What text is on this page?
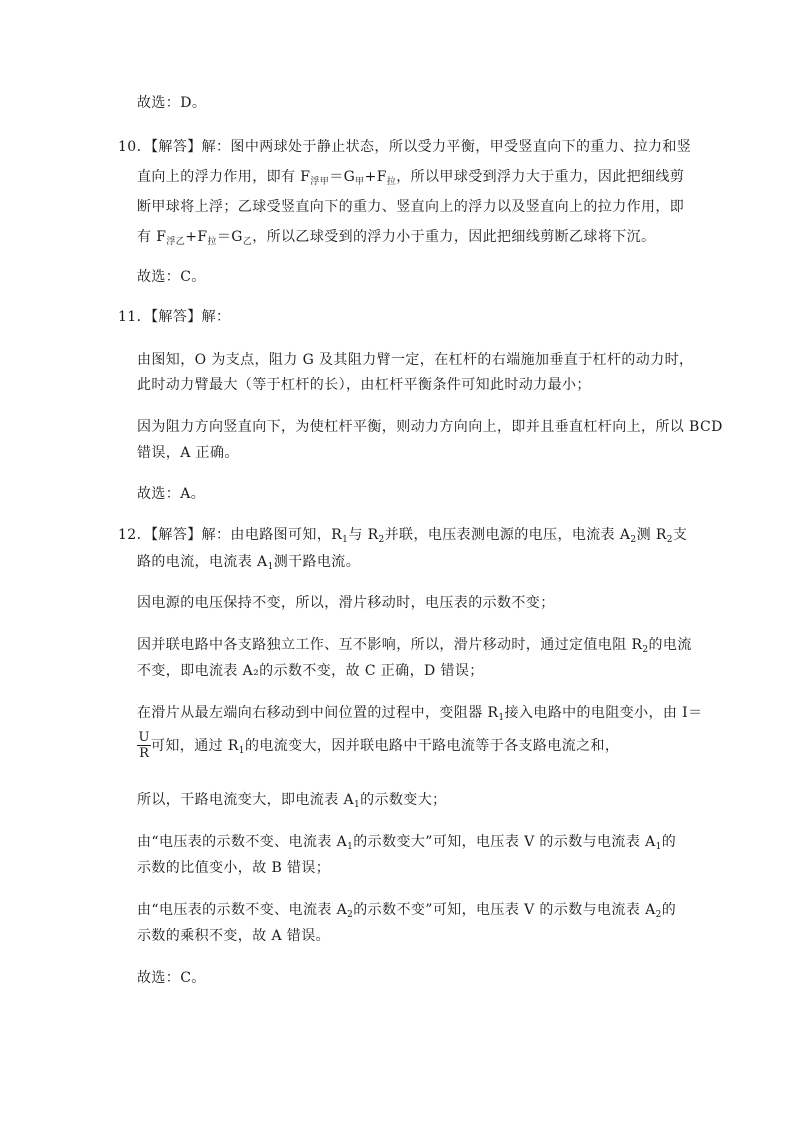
故选：D。
10．【解答】解：图中两球处于静止状态，所以受力平衡，甲受竖直向下的重力、拉力和竖
直向上的浮力作用，即有 $F_{浮甲}=G_甲+F_拉$，所以甲球受到浮力大于重力，因此把细线剪
断甲球将上浮；乙球受竖直向下的重力、竖直向上的浮力以及竖直向上的拉力作用，即
有 $F_{浮乙}+F_拉=G_乙$，所以乙球受到的浮力小于重力，因此把细线剪断乙球将下沉。
故选：C。
11．【解答】解：
由图知，O 为支点，阻力 G 及其阻力臂一定，在杠杆的右端施加垂直于杠杆的动力时，
此时动力臂最大（等于杠杆的长），由杠杆平衡条件可知此时动力最小；
因为阻力方向竖直向下，为使杠杆平衡，则动力方向向上，即并且垂直杠杆向上，所以 BCD
错误，A 正确。
故选：A。
12．【解答】解：由电路图可知，$R_1$与 $R_2$并联，电压表测电源的电压，电流表 $A_2$测 $R_2$支
路的电流，电流表 $A_1$测干路电流。
因电源的电压保持不变，所以，滑片移动时，电压表的示数不变；
因并联电路中各支路独立工作、互不影响，所以，滑片移动时，通过定值电阻 $R_2$的电流
不变，即电流表 A₂的示数不变，故 C 正确，D 错误；
在滑片从最左端向右移动到中间位置的过程中，变阻器 $R_1$接入电路中的电阻变小，由 I＝
U
R 可知，通过 $R_1$的电流变大，因并联电路中干路电流等于各支路电流之和，
所以，干路电流变大，即电流表 $A_1$的示数变大；
由“电压表的示数不变、电流表 $A_1$的示数变大”可知，电压表 V 的示数与电流表 $A_1$的
示数的比值变小，故 B 错误；
由“电压表的示数不变、电流表 $A_2$的示数不变”可知，电压表 V 的示数与电流表 $A_2$的
示数的乘积不变，故 A 错误。
故选：C。
